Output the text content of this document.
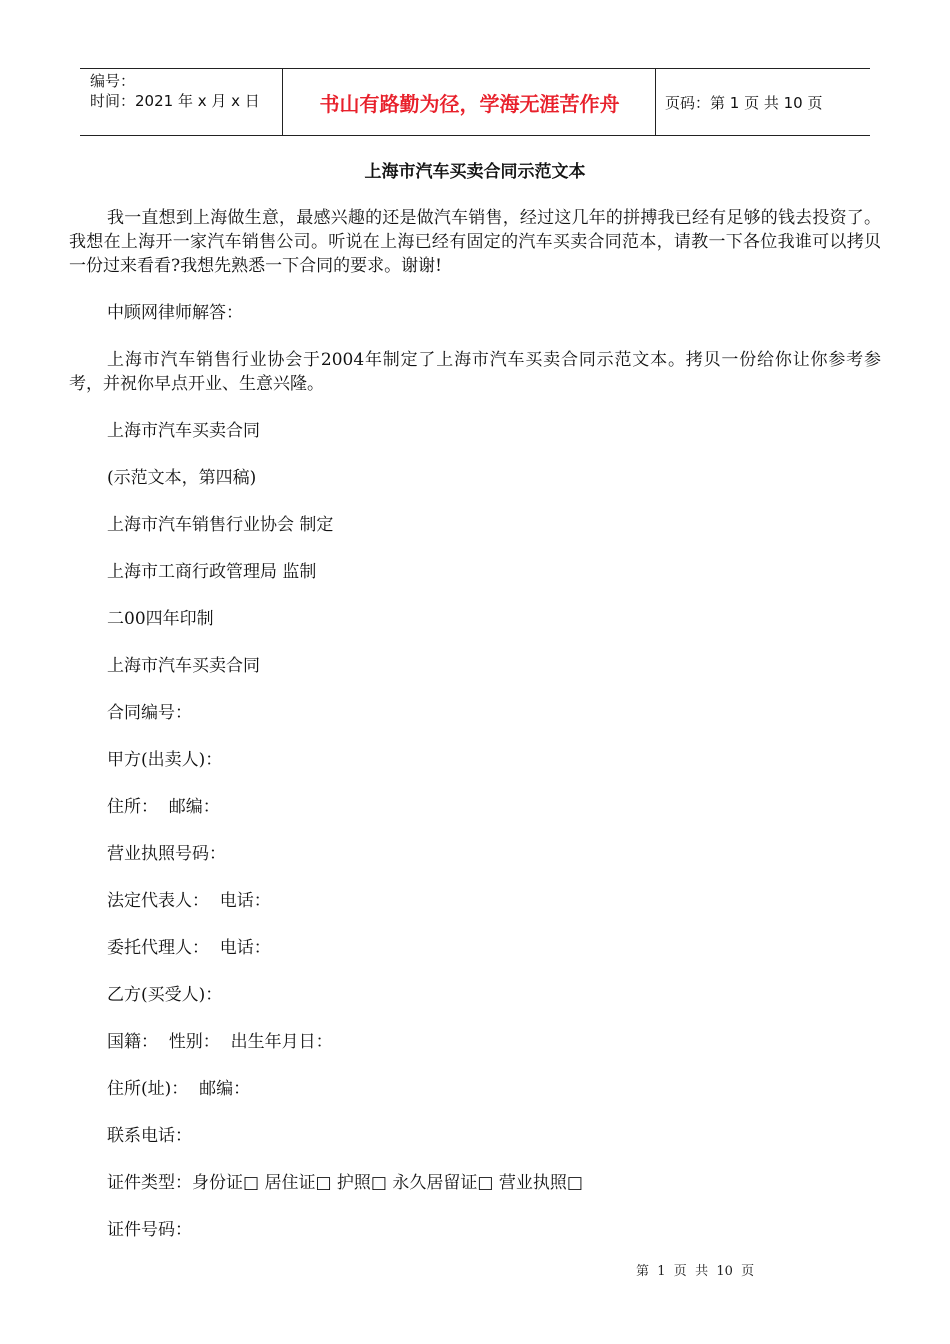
编号：
时间：2021 年 x 月 x 日	书山有路勤为径，学海无涯苦作舟	页码：第 1 页 共 10 页
上海市汽车买卖合同示范文本

我一直想到上海做生意，最感兴趣的还是做汽车销售，经过这几年的拼搏我已经有足够的钱去投资了。我想在上海开一家汽车销售公司。听说在上海已经有固定的汽车买卖合同范本，请教一下各位我谁可以拷贝一份过来看看?我想先熟悉一下合同的要求。谢谢!

中顾网律师解答：

上海市汽车销售行业协会于2004年制定了上海市汽车买卖合同示范文本。拷贝一份给你让你参考参考，并祝你早点开业、生意兴隆。

上海市汽车买卖合同

(示范文本，第四稿)

上海市汽车销售行业协会 制定

上海市工商行政管理局 监制

二00四年印制

上海市汽车买卖合同

合同编号：

甲方(出卖人)：

住所：  邮编：

营业执照号码：

法定代表人：  电话：

委托代理人：  电话：

乙方(买受人)：

国籍：  性别：  出生年月日：

住所(址)：  邮编：

联系电话：

证件类型：身份证□ 居住证□ 护照□ 永久居留证□ 营业执照□

证件号码：

第  1  页  共  10  页
